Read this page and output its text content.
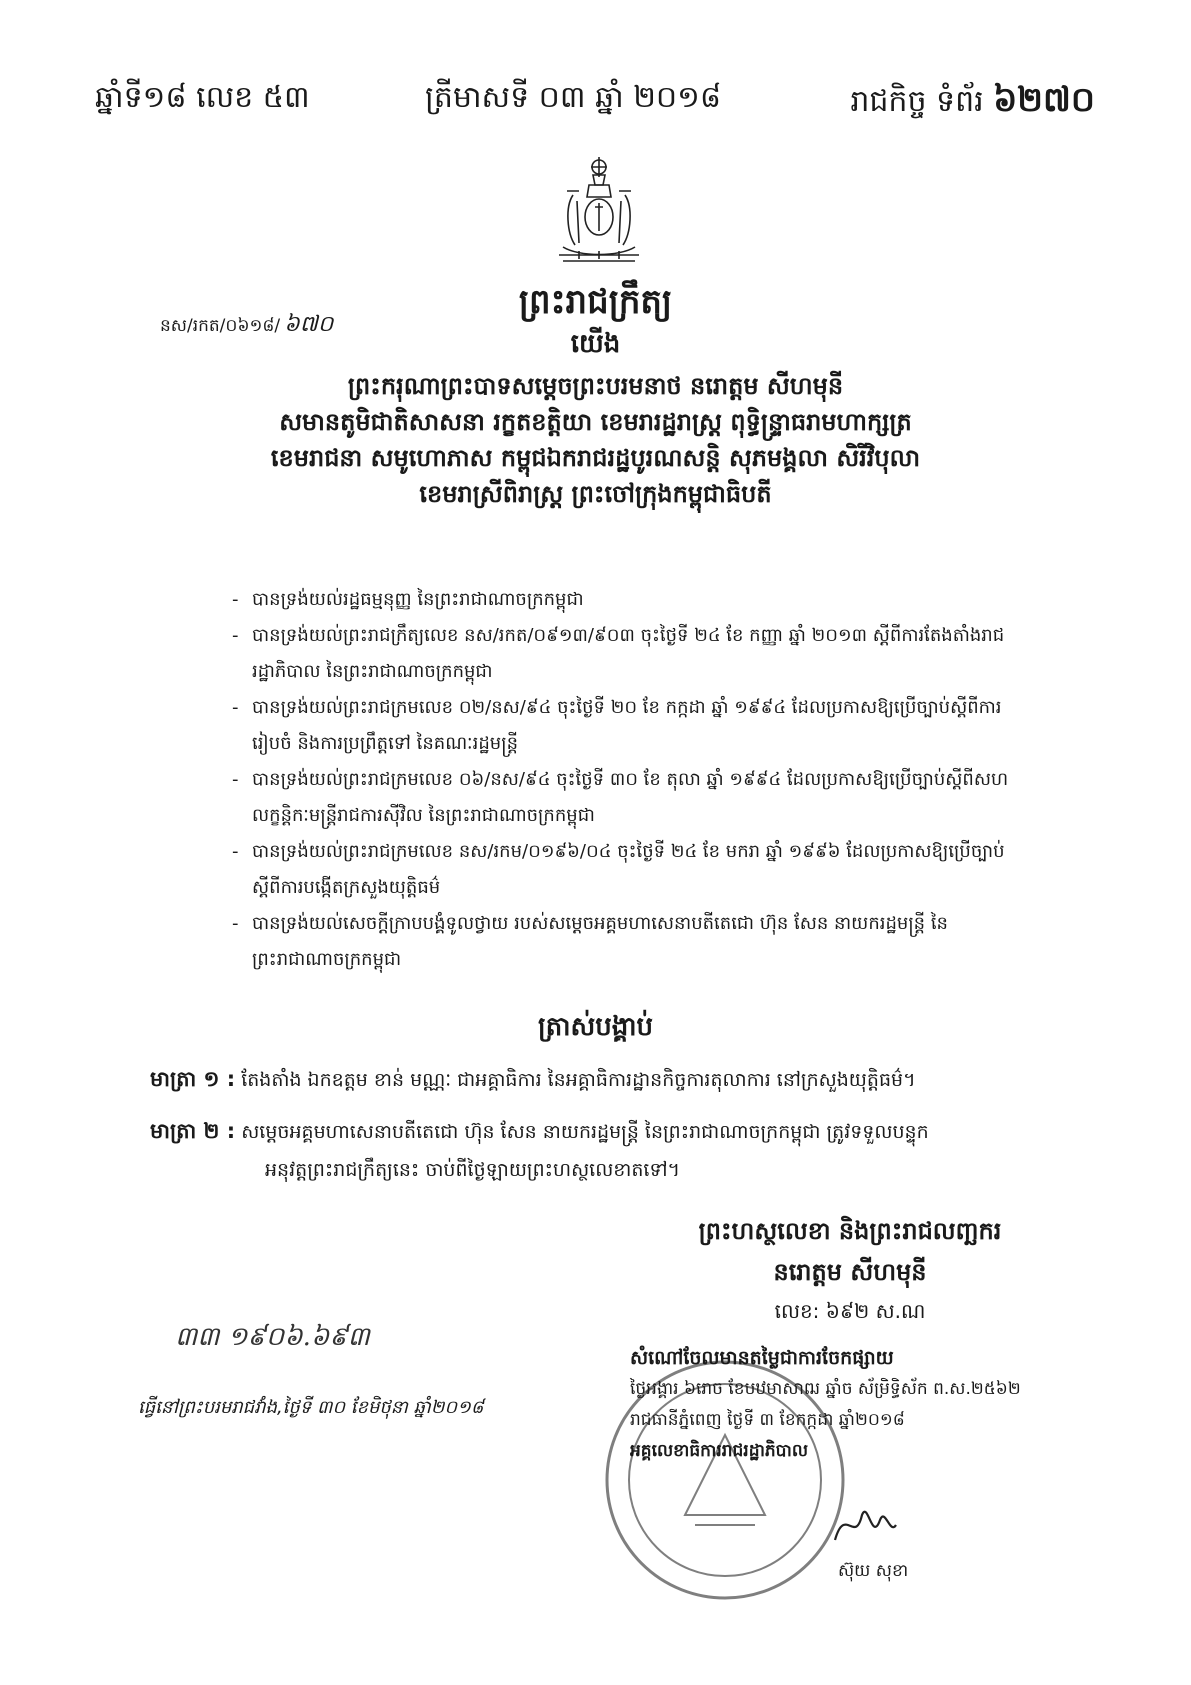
ឆ្នាំទី១៨ លេខ ៥៣	ត្រីមាសទី ០៣ ឆ្នាំ ២០១៨	រាជកិច្ច ទំព័រ ៦២៧០
នស/រកត/០៦១៨/ ៦៧០
ព្រះរាជក្រឹត្យ
យើង
ព្រះករុណាព្រះបាទសម្តេចព្រះបរមនាថ នរោត្តម សីហមុនី
សមានតូមិជាតិសាសនា រក្ខតខត្តិយា ខេមរារដ្ឋរាស្ត្រ ពុទ្ធិន្ទ្រាធរាមហាក្សត្រ
ខេមរាជនា សមូហោភាស កម្ពុជឯករាជរដ្ឋបូរណសន្តិ សុភមង្គលា សិរីវិបុលា
ខេមរាស្រីពិរាស្ត្រ ព្រះចៅក្រុងកម្ពុជាធិបតី
- បានទ្រង់យល់រដ្ឋធម្មនុញ្ញ នៃព្រះរាជាណាចក្រកម្ពុជា
- បានទ្រង់យល់ព្រះរាជក្រឹត្យលេខ នស/រកត/០៩១៣/៩០៣ ចុះថ្ងៃទី ២៤ ខែ កញ្ញា ឆ្នាំ ២០១៣ ស្តីពីការតែងតាំងរាជរដ្ឋាភិបាល នៃព្រះរាជាណាចក្រកម្ពុជា
- បានទ្រង់យល់ព្រះរាជក្រមលេខ ០២/នស/៩៤ ចុះថ្ងៃទី ២០ ខែ កក្កដា ឆ្នាំ ១៩៩៤ ដែលប្រកាសឱ្យប្រើច្បាប់ស្តីពីការរៀបចំ និងការប្រព្រឹត្តទៅ នៃគណៈរដ្ឋមន្ត្រី
- បានទ្រង់យល់ព្រះរាជក្រមលេខ ០៦/នស/៩៤ ចុះថ្ងៃទី ៣០ ខែ តុលា ឆ្នាំ ១៩៩៤ ដែលប្រកាសឱ្យប្រើច្បាប់ស្តីពីសហលក្ខន្តិកៈមន្ត្រីរាជការស៊ីវិល នៃព្រះរាជាណាចក្រកម្ពុជា
- បានទ្រង់យល់ព្រះរាជក្រមលេខ នស/រកម/០១៩៦/០៤ ចុះថ្ងៃទី ២៤ ខែ មករា ឆ្នាំ ១៩៩៦ ដែលប្រកាសឱ្យប្រើច្បាប់ស្តីពីការបង្កើតក្រសួងយុត្តិធម៌
- បានទ្រង់យល់សេចក្តីក្រាបបង្គំទូលថ្វាយ របស់សម្តេចអគ្គមហាសេនាបតីតេជោ ហ៊ុន សែន នាយករដ្ឋមន្ត្រី នៃព្រះរាជាណាចក្រកម្ពុជា
ត្រាស់បង្គាប់
មាត្រា ១ : តែងតាំង ឯកឧត្តម ខាន់ មណ្ណៈ ជាអគ្គាធិការ នៃអគ្គាធិការដ្ឋានកិច្ចការតុលាការ នៅក្រសួងយុត្តិធម៌។
មាត្រា ២ : សម្តេចអគ្គមហាសេនាបតីតេជោ ហ៊ុន សែន នាយករដ្ឋមន្ត្រី នៃព្រះរាជាណាចក្រកម្ពុជា ត្រូវទទួលបន្ទុក
អនុវត្តព្រះរាជក្រឹត្យនេះ ចាប់ពីថ្ងៃឡាយព្រះហស្ថលេខាតទៅ។
ព្រះហស្ថលេខា និងព្រះរាជលញ្ឆករ
នរោត្តម សីហមុនី
លេខ: ៦៩២ ស.ណ
៣៣ ១៩០៦.៦៩៣
ធ្វើនៅព្រះបរមរាជវាំង,ថ្ងៃទី ៣០ ខែមិថុនា ឆ្នាំ២០១៨
សំណៅចែលមានតម្លៃជាការចែកផ្សាយ
ថ្ងៃអង្គារ ៦រោច ខែបឋមាសាឍ ឆ្នាំច ស័ម្រិទ្ធិស័ក ព.ស.២៥៦២
រាជធានីភ្នំពេញ ថ្ងៃទី ៣ ខែកក្កដា ឆ្នាំ២០១៨
អគ្គលេខាធិការរាជរដ្ឋាភិបាល
ស៊ុយ សុខា
